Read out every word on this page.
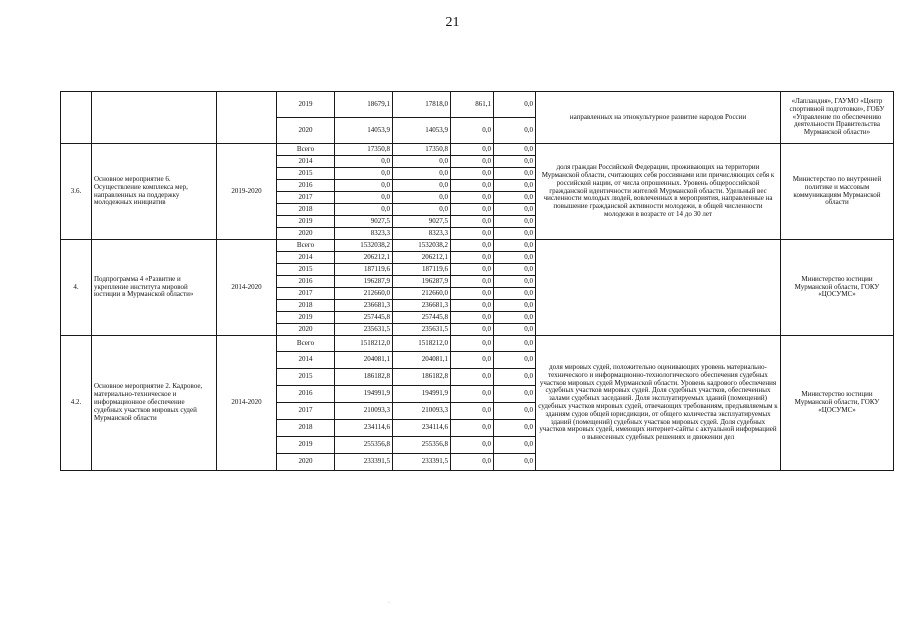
21
			2019	18679,1	17818,0	861,1	0,0	направленных на этнокультурное развитие народов России	«Лапландия», ГАУМО «Центр спортивной подготовки», ГОБУ «Управление по обеспечению деятельности Правительства Мурманской области»
			2020	14053,9	14053,9	0,0	0,0		
3.6.	Основное мероприятие 6. Осуществление комплекса мер, направленных на поддержку молодежных инициатив	2019-2020	Всего	17350,8	17350,8	0,0	0,0	доля граждан Российской Федерации, проживающих на территории Мурманской области, считающих себя россиянами или причисляющих себя к российской нации, от числа опрошенных. Уровень общероссийской гражданской идентичности жителей Мурманской области. Удельный вес численности молодых людей, вовлеченных в мероприятия, направленные на повышение гражданской активности молодежи, в общей численности молодежи в возрасте от 14 до 30 лет	Министерство по внутренней политике и массовым коммуникациям Мурманской области
			2014	0,0	0,0	0,0	0,0		
			2015	0,0	0,0	0,0	0,0		
			2016	0,0	0,0	0,0	0,0		
			2017	0,0	0,0	0,0	0,0		
			2018	0,0	0,0	0,0	0,0		
			2019	9027,5	9027,5	0,0	0,0		
			2020	8323,3	8323,3	0,0	0,0		
4.	Подпрограмма 4 «Развитие и укрепление института мировой юстиции в Мурманской области»	2014-2020	Всего	1532038,2	1532038,2	0,0	0,0		Министерство юстиции Мурманской области, ГОКУ «ЦОСУМС»
			2014	206212,1	206212,1	0,0	0,0		
			2015	187119,6	187119,6	0,0	0,0		
			2016	196287,9	196287,9	0,0	0,0		
			2017	212660,0	212660,0	0,0	0,0		
			2018	236681,3	236681,3	0,0	0,0		
			2019	257445,8	257445,8	0,0	0,0		
			2020	235631,5	235631,5	0,0	0,0		
4.2.	Основное мероприятие 2. Кадровое, материально-техническое и информационное обеспечение судебных участков мировых судей Мурманской области	2014-2020	Всего	1518212,0	1518212,0	0,0	0,0	доля мировых судей, положительно оценивающих уровень материально-технического и информационно-технологического обеспечения судебных участков мировых судей Мурманской области. Уровень кадрового обеспечения судебных участков мировых судей. Доля судебных участков, обеспеченных залами судебных заседаний. Доля эксплуатируемых зданий (помещений) судебных участков мировых судей, отвечающих требованиям, предъявляемым к зданиям судов общей юрисдикции, от общего количества эксплуатируемых зданий (помещений) судебных участков мировых судей. Доля судебных участков мировых судей, имеющих интернет-сайты с актуальной информацией о вынесенных судебных решениях и движении дел	Министерство юстиции Мурманской области, ГОКУ «ЦОСУМС»
			2014	204081,1	204081,1	0,0	0,0		
			2015	186182,8	186182,8	0,0	0,0		
			2016	194991,9	194991,9	0,0	0,0		
			2017	210093,3	210093,3	0,0	0,0		
			2018	234114,6	234114,6	0,0	0,0		
			2019	255356,8	255356,8	0,0	0,0		
			2020	233391,5	233391,5	0,0	0,0		
·
